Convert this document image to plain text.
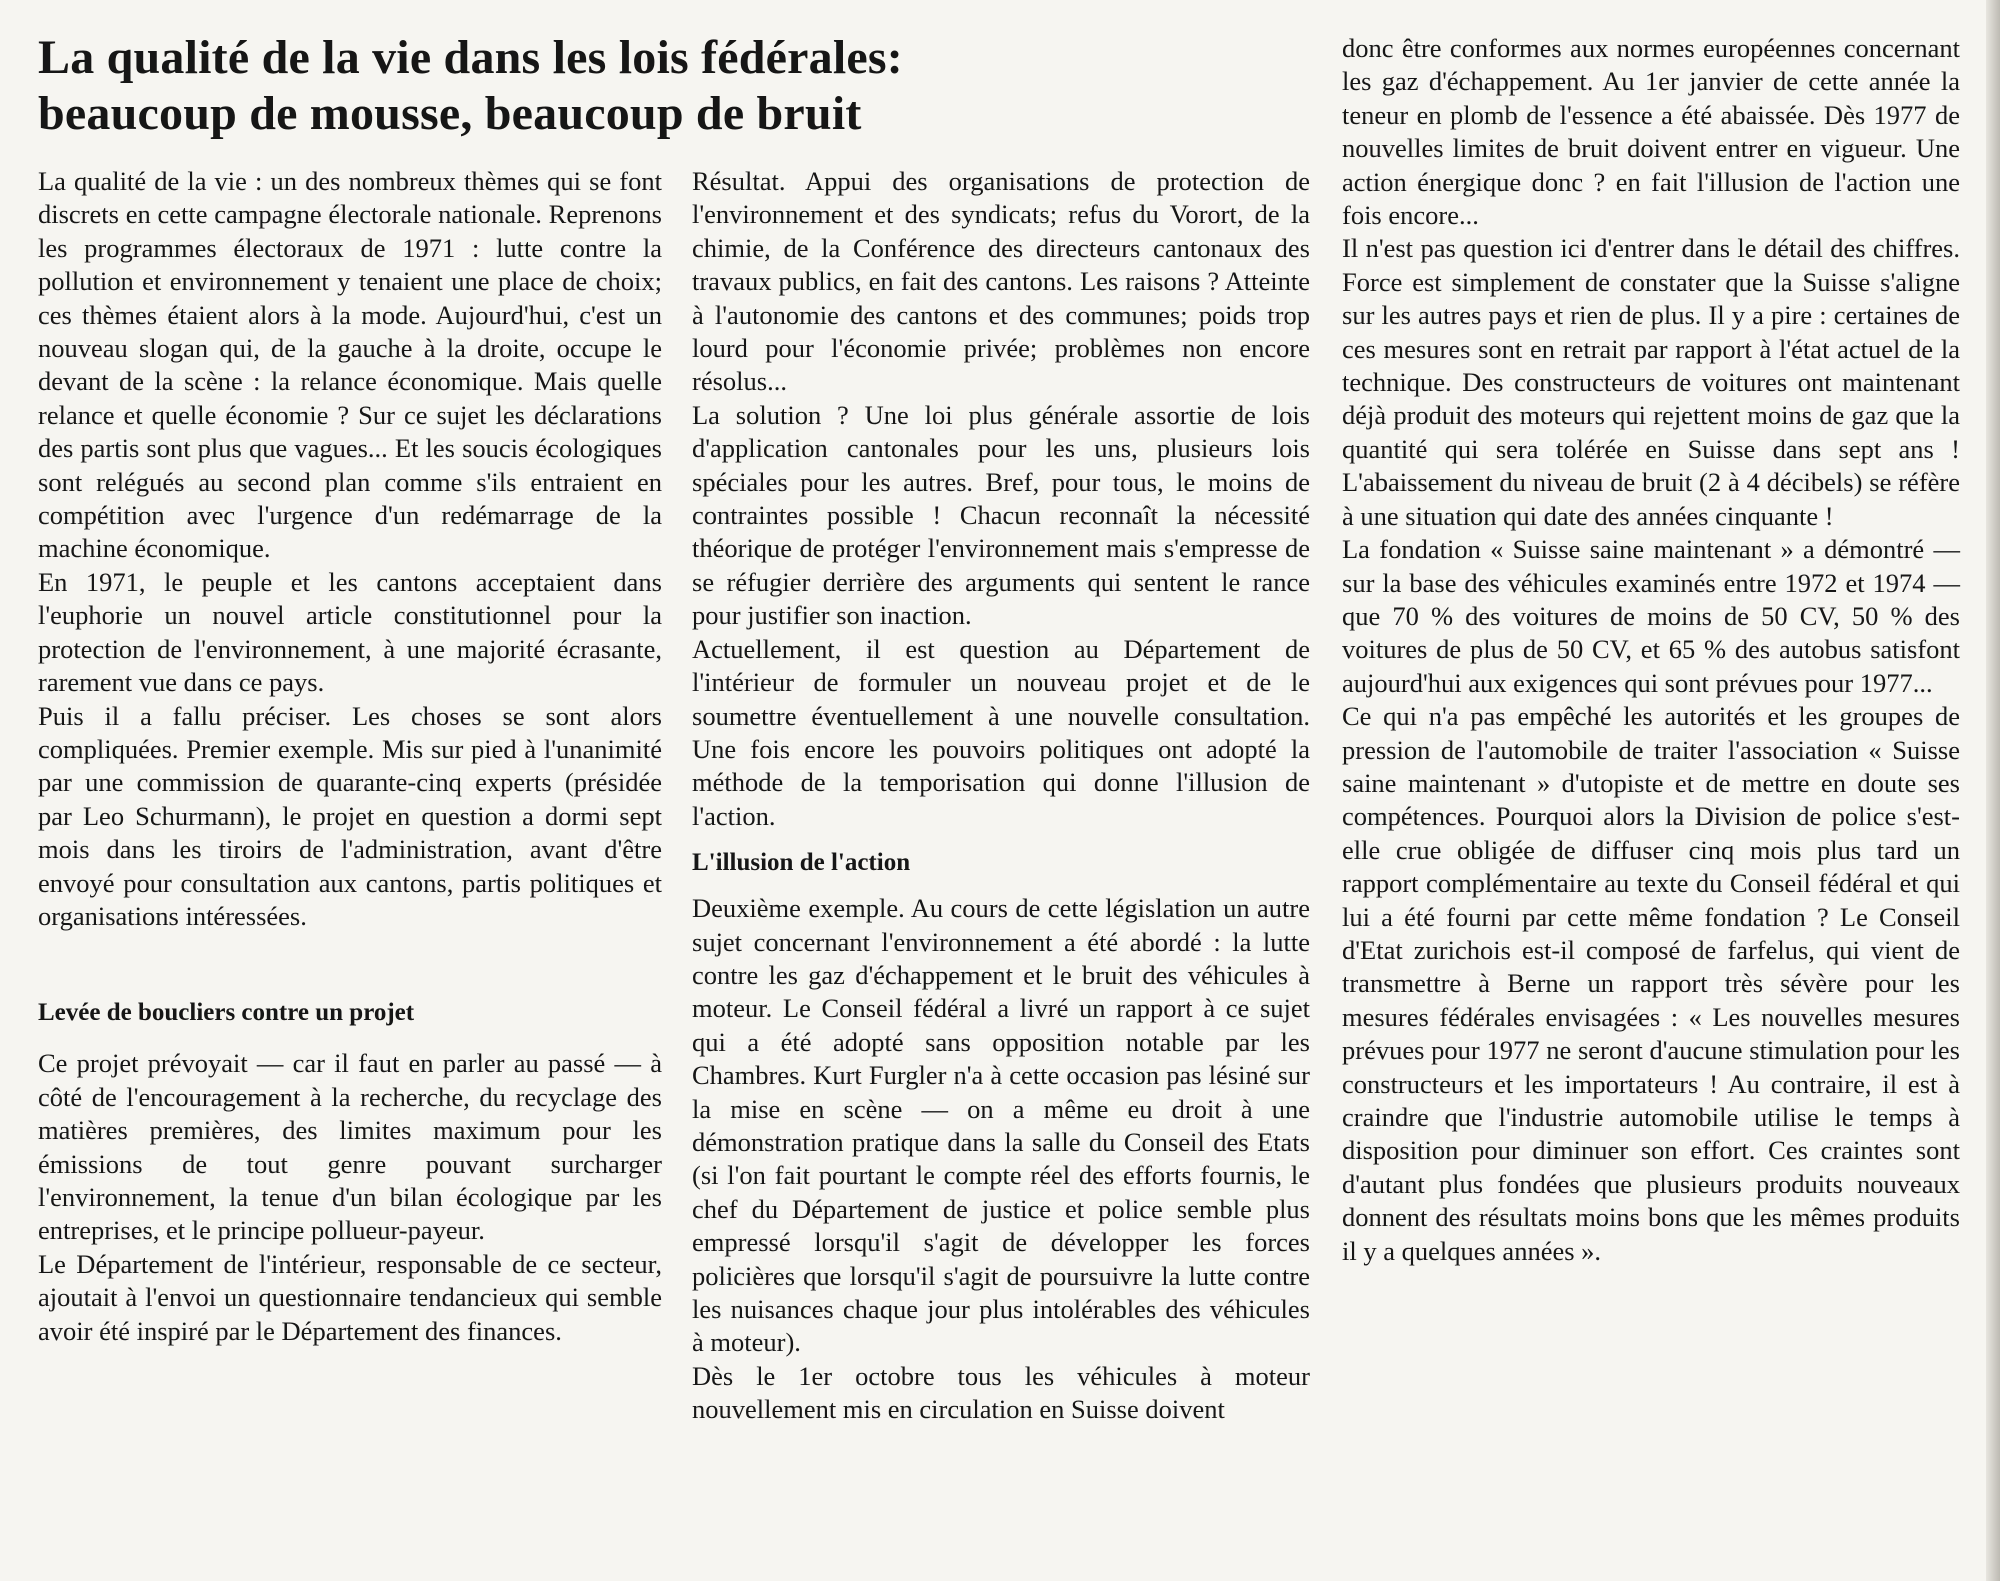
La qualité de la vie dans les lois fédérales:
beaucoup de mousse, beaucoup de bruit

La qualité de la vie : un des nombreux thèmes qui se font discrets en cette campagne électorale nationale. Reprenons les programmes électoraux de 1971 : lutte contre la pollution et environnement y tenaient une place de choix; ces thèmes étaient alors à la mode. Aujourd'hui, c'est un nouveau slogan qui, de la gauche à la droite, occupe le devant de la scène : la relance économique. Mais quelle relance et quelle économie ? Sur ce sujet les déclarations des partis sont plus que vagues... Et les soucis écologiques sont relégués au second plan comme s'ils entraient en compétition avec l'urgence d'un redémarrage de la machine économique.

En 1971, le peuple et les cantons acceptaient dans l'euphorie un nouvel article constitutionnel pour la protection de l'environnement, à une majorité écrasante, rarement vue dans ce pays.

Puis il a fallu préciser. Les choses se sont alors compliquées. Premier exemple. Mis sur pied à l'unanimité par une commission de quarante-cinq experts (présidée par Leo Schurmann), le projet en question a dormi sept mois dans les tiroirs de l'administration, avant d'être envoyé pour consultation aux cantons, partis politiques et organisations intéressées.

Levée de boucliers contre un projet

Ce projet prévoyait — car il faut en parler au passé — à côté de l'encouragement à la recherche, du recyclage des matières premières, des limites maximum pour les émissions de tout genre pouvant surcharger l'environnement, la tenue d'un bilan écologique par les entreprises, et le principe pollueur-payeur.

Le Département de l'intérieur, responsable de ce secteur, ajoutait à l'envoi un questionnaire tendancieux qui semble avoir été inspiré par le Département des finances.

Résultat. Appui des organisations de protection de l'environnement et des syndicats; refus du Vorort, de la chimie, de la Conférence des directeurs cantonaux des travaux publics, en fait des cantons. Les raisons ? Atteinte à l'autonomie des cantons et des communes; poids trop lourd pour l'économie privée; problèmes non encore résolus...

La solution ? Une loi plus générale assortie de lois d'application cantonales pour les uns, plusieurs lois spéciales pour les autres. Bref, pour tous, le moins de contraintes possible ! Chacun reconnaît la nécessité théorique de protéger l'environnement mais s'empresse de se réfugier derrière des arguments qui sentent le rance pour justifier son inaction.

Actuellement, il est question au Département de l'intérieur de formuler un nouveau projet et de le soumettre éventuellement à une nouvelle consultation. Une fois encore les pouvoirs politiques ont adopté la méthode de la temporisation qui donne l'illusion de l'action.

L'illusion de l'action

Deuxième exemple. Au cours de cette législation un autre sujet concernant l'environnement a été abordé : la lutte contre les gaz d'échappement et le bruit des véhicules à moteur. Le Conseil fédéral a livré un rapport à ce sujet qui a été adopté sans opposition notable par les Chambres. Kurt Furgler n'a à cette occasion pas lésiné sur la mise en scène — on a même eu droit à une démonstration pratique dans la salle du Conseil des Etats (si l'on fait pourtant le compte réel des efforts fournis, le chef du Département de justice et police semble plus empressé lorsqu'il s'agit de développer les forces policières que lorsqu'il s'agit de poursuivre la lutte contre les nuisances chaque jour plus intolérables des véhicules à moteur).

Dès le 1er octobre tous les véhicules à moteur nouvellement mis en circulation en Suisse doivent

donc être conformes aux normes européennes concernant les gaz d'échappement. Au 1er janvier de cette année la teneur en plomb de l'essence a été abaissée. Dès 1977 de nouvelles limites de bruit doivent entrer en vigueur. Une action énergique donc ? en fait l'illusion de l'action une fois encore...

Il n'est pas question ici d'entrer dans le détail des chiffres. Force est simplement de constater que la Suisse s'aligne sur les autres pays et rien de plus. Il y a pire : certaines de ces mesures sont en retrait par rapport à l'état actuel de la technique. Des constructeurs de voitures ont maintenant déjà produit des moteurs qui rejettent moins de gaz que la quantité qui sera tolérée en Suisse dans sept ans ! L'abaissement du niveau de bruit (2 à 4 décibels) se réfère à une situation qui date des années cinquante !

La fondation « Suisse saine maintenant » a démontré — sur la base des véhicules examinés entre 1972 et 1974 — que 70 % des voitures de moins de 50 CV, 50 % des voitures de plus de 50 CV, et 65 % des autobus satisfont aujourd'hui aux exigences qui sont prévues pour 1977...

Ce qui n'a pas empêché les autorités et les groupes de pression de l'automobile de traiter l'association « Suisse saine maintenant » d'utopiste et de mettre en doute ses compétences. Pourquoi alors la Division de police s'est-elle crue obligée de diffuser cinq mois plus tard un rapport complémentaire au texte du Conseil fédéral et qui lui a été fourni par cette même fondation ? Le Conseil d'Etat zurichois est-il composé de farfelus, qui vient de transmettre à Berne un rapport très sévère pour les mesures fédérales envisagées : « Les nouvelles mesures prévues pour 1977 ne seront d'aucune stimulation pour les constructeurs et les importateurs ! Au contraire, il est à craindre que l'industrie automobile utilise le temps à disposition pour diminuer son effort. Ces craintes sont d'autant plus fondées que plusieurs produits nouveaux donnent des résultats moins bons que les mêmes produits il y a quelques années ».
